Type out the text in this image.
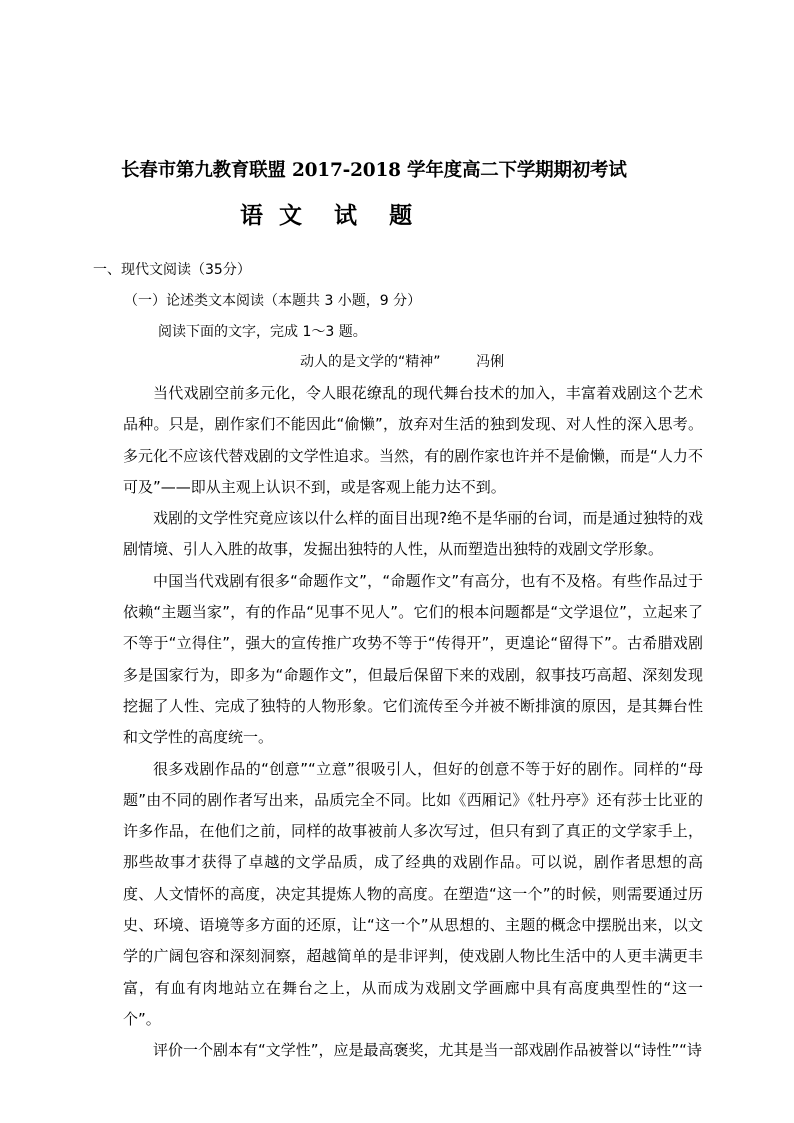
长春市第九教育联盟 2017-2018 学年度高二下学期期初考试
语  文    试    题
一、现代文阅读（35分）
（一）论述类文本阅读（本题共 3 小题，9 分）
阅读下面的文字，完成 1～3 题。
动人的是文学的“精神”        冯俐

当代戏剧空前多元化，令人眼花缭乱的现代舞台技术的加入，丰富着戏剧这个艺术品种。只是，剧作家们不能因此“偷懒”，放弃对生活的独到发现、对人性的深入思考。多元化不应该代替戏剧的文学性追求。当然，有的剧作家也许并不是偷懒，而是“人力不可及”——即从主观上认识不到，或是客观上能力达不到。

戏剧的文学性究竟应该以什么样的面目出现?绝不是华丽的台词，而是通过独特的戏剧情境、引人入胜的故事，发掘出独特的人性，从而塑造出独特的戏剧文学形象。

中国当代戏剧有很多“命题作文”，“命题作文”有高分，也有不及格。有些作品过于依赖“主题当家”，有的作品“见事不见人”。它们的根本问题都是“文学退位”，立起来了不等于“立得住”，强大的宣传推广攻势不等于“传得开”，更遑论“留得下”。古希腊戏剧多是国家行为，即多为“命题作文”，但最后保留下来的戏剧，叙事技巧高超、深刻发现挖掘了人性、完成了独特的人物形象。它们流传至今并被不断排演的原因，是其舞台性和文学性的高度统一。

很多戏剧作品的“创意”“立意”很吸引人，但好的创意不等于好的剧作。同样的“母题”由不同的剧作者写出来，品质完全不同。比如《西厢记》《牡丹亭》还有莎士比亚的许多作品，在他们之前，同样的故事被前人多次写过，但只有到了真正的文学家手上，那些故事才获得了卓越的文学品质，成了经典的戏剧作品。可以说，剧作者思想的高度、人文情怀的高度，决定其提炼人物的高度。在塑造“这一个”的时候，则需要通过历史、环境、语境等多方面的还原，让“这一个”从思想的、主题的概念中摆脱出来，以文学的广阔包容和深刻洞察，超越简单的是非评判，使戏剧人物比生活中的人更丰满更丰富，有血有肉地站立在舞台之上，从而成为戏剧文学画廊中具有高度典型性的“这一个”。

评价一个剧本有“文学性”，应是最高褒奖，尤其是当一部戏剧作品被誉以“诗性”“诗
